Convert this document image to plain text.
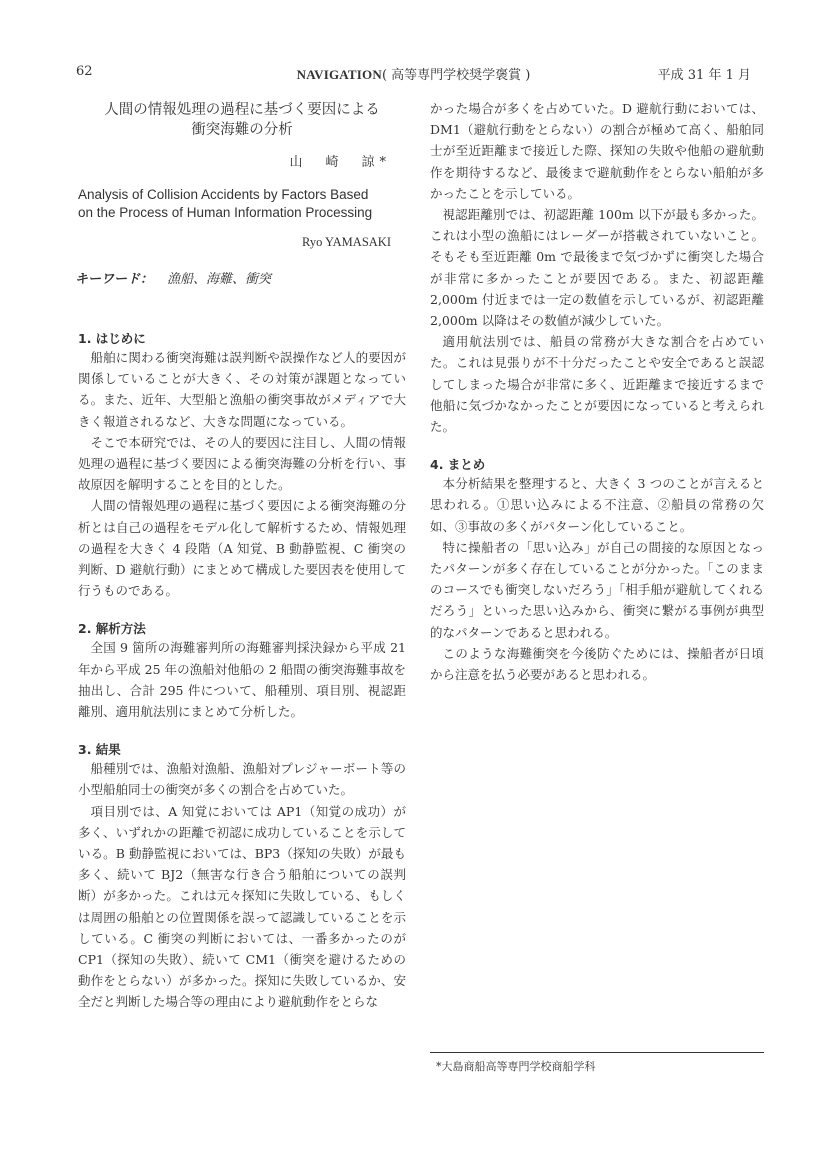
62	NAVIGATION( 高等専門学校奨学褒賞 )	平成 31 年 1 月
人間の情報処理の過程に基づく要因による
衝突海難の分析
山　崎　諒*
Analysis of Collision Accidents by Factors Based
on the Process of Human Information Processing
Ryo YAMASAKI
キーワード： 漁船、海難、衝突

1. はじめに

船舶に関わる衝突海難は誤判断や誤操作など人的要因が関係していることが大きく、その対策が課題となっている。また、近年、大型船と漁船の衝突事故がメディアで大きく報道されるなど、大きな問題になっている。

そこで本研究では、その人的要因に注目し、人間の情報処理の過程に基づく要因による衝突海難の分析を行い、事故原因を解明することを目的とした。

人間の情報処理の過程に基づく要因による衝突海難の分析とは自己の過程をモデル化して解析するため、情報処理の過程を大きく 4 段階（A 知覚、B 動静監視、C 衝突の判断、D 避航行動）にまとめて構成した要因表を使用して行うものである。

2. 解析方法

全国 9 箇所の海難審判所の海難審判採決録から平成 21 年から平成 25 年の漁船対他船の 2 船間の衝突海難事故を抽出し、合計 295 件について、船種別、項目別、視認距離別、適用航法別にまとめて分析した。

3. 結果

船種別では、漁船対漁船、漁船対プレジャーボート等の小型船舶同士の衝突が多くの割合を占めていた。

項目別では、A 知覚においては AP1（知覚の成功）が多く、いずれかの距離で初認に成功していることを示している。B 動静監視においては、BP3（探知の失敗）が最も多く、続いて BJ2（無害な行き合う船舶についての誤判断）が多かった。これは元々探知に失敗している、もしくは周囲の船舶との位置関係を誤って認識していることを示している。C 衝突の判断においては、一番多かったのが CP1（探知の失敗）、続いて CM1（衝突を避けるための動作をとらない）が多かった。探知に失敗しているか、安全だと判断した場合等の理由により避航動作をとらな

かった場合が多くを占めていた。D 避航行動においては、DM1（避航行動をとらない）の割合が極めて高く、船舶同士が至近距離まで接近した際、探知の失敗や他船の避航動作を期待するなど、最後まで避航動作をとらない船舶が多かったことを示している。

視認距離別では、初認距離 100m 以下が最も多かった。これは小型の漁船にはレーダーが搭載されていないこと。そもそも至近距離 0m で最後まで気づかずに衝突した場合が非常に多かったことが要因である。また、初認距離 2,000m 付近までは一定の数値を示しているが、初認距離 2,000m 以降はその数値が減少していた。

適用航法別では、船員の常務が大きな割合を占めていた。これは見張りが不十分だったことや安全であると誤認してしまった場合が非常に多く、近距離まで接近するまで他船に気づかなかったことが要因になっていると考えられた。

4. まとめ

本分析結果を整理すると、大きく 3 つのことが言えると思われる。①思い込みによる不注意、②船員の常務の欠如、③事故の多くがパターン化していること。

特に操船者の「思い込み」が自己の間接的な原因となったパターンが多く存在していることが分かった。「このままのコースでも衝突しないだろう」「相手船が避航してくれるだろう」といった思い込みから、衝突に繋がる事例が典型的なパターンであると思われる。

このような海難衝突を今後防ぐためには、操船者が日頃から注意を払う必要があると思われる。

*大島商船高等専門学校商船学科
